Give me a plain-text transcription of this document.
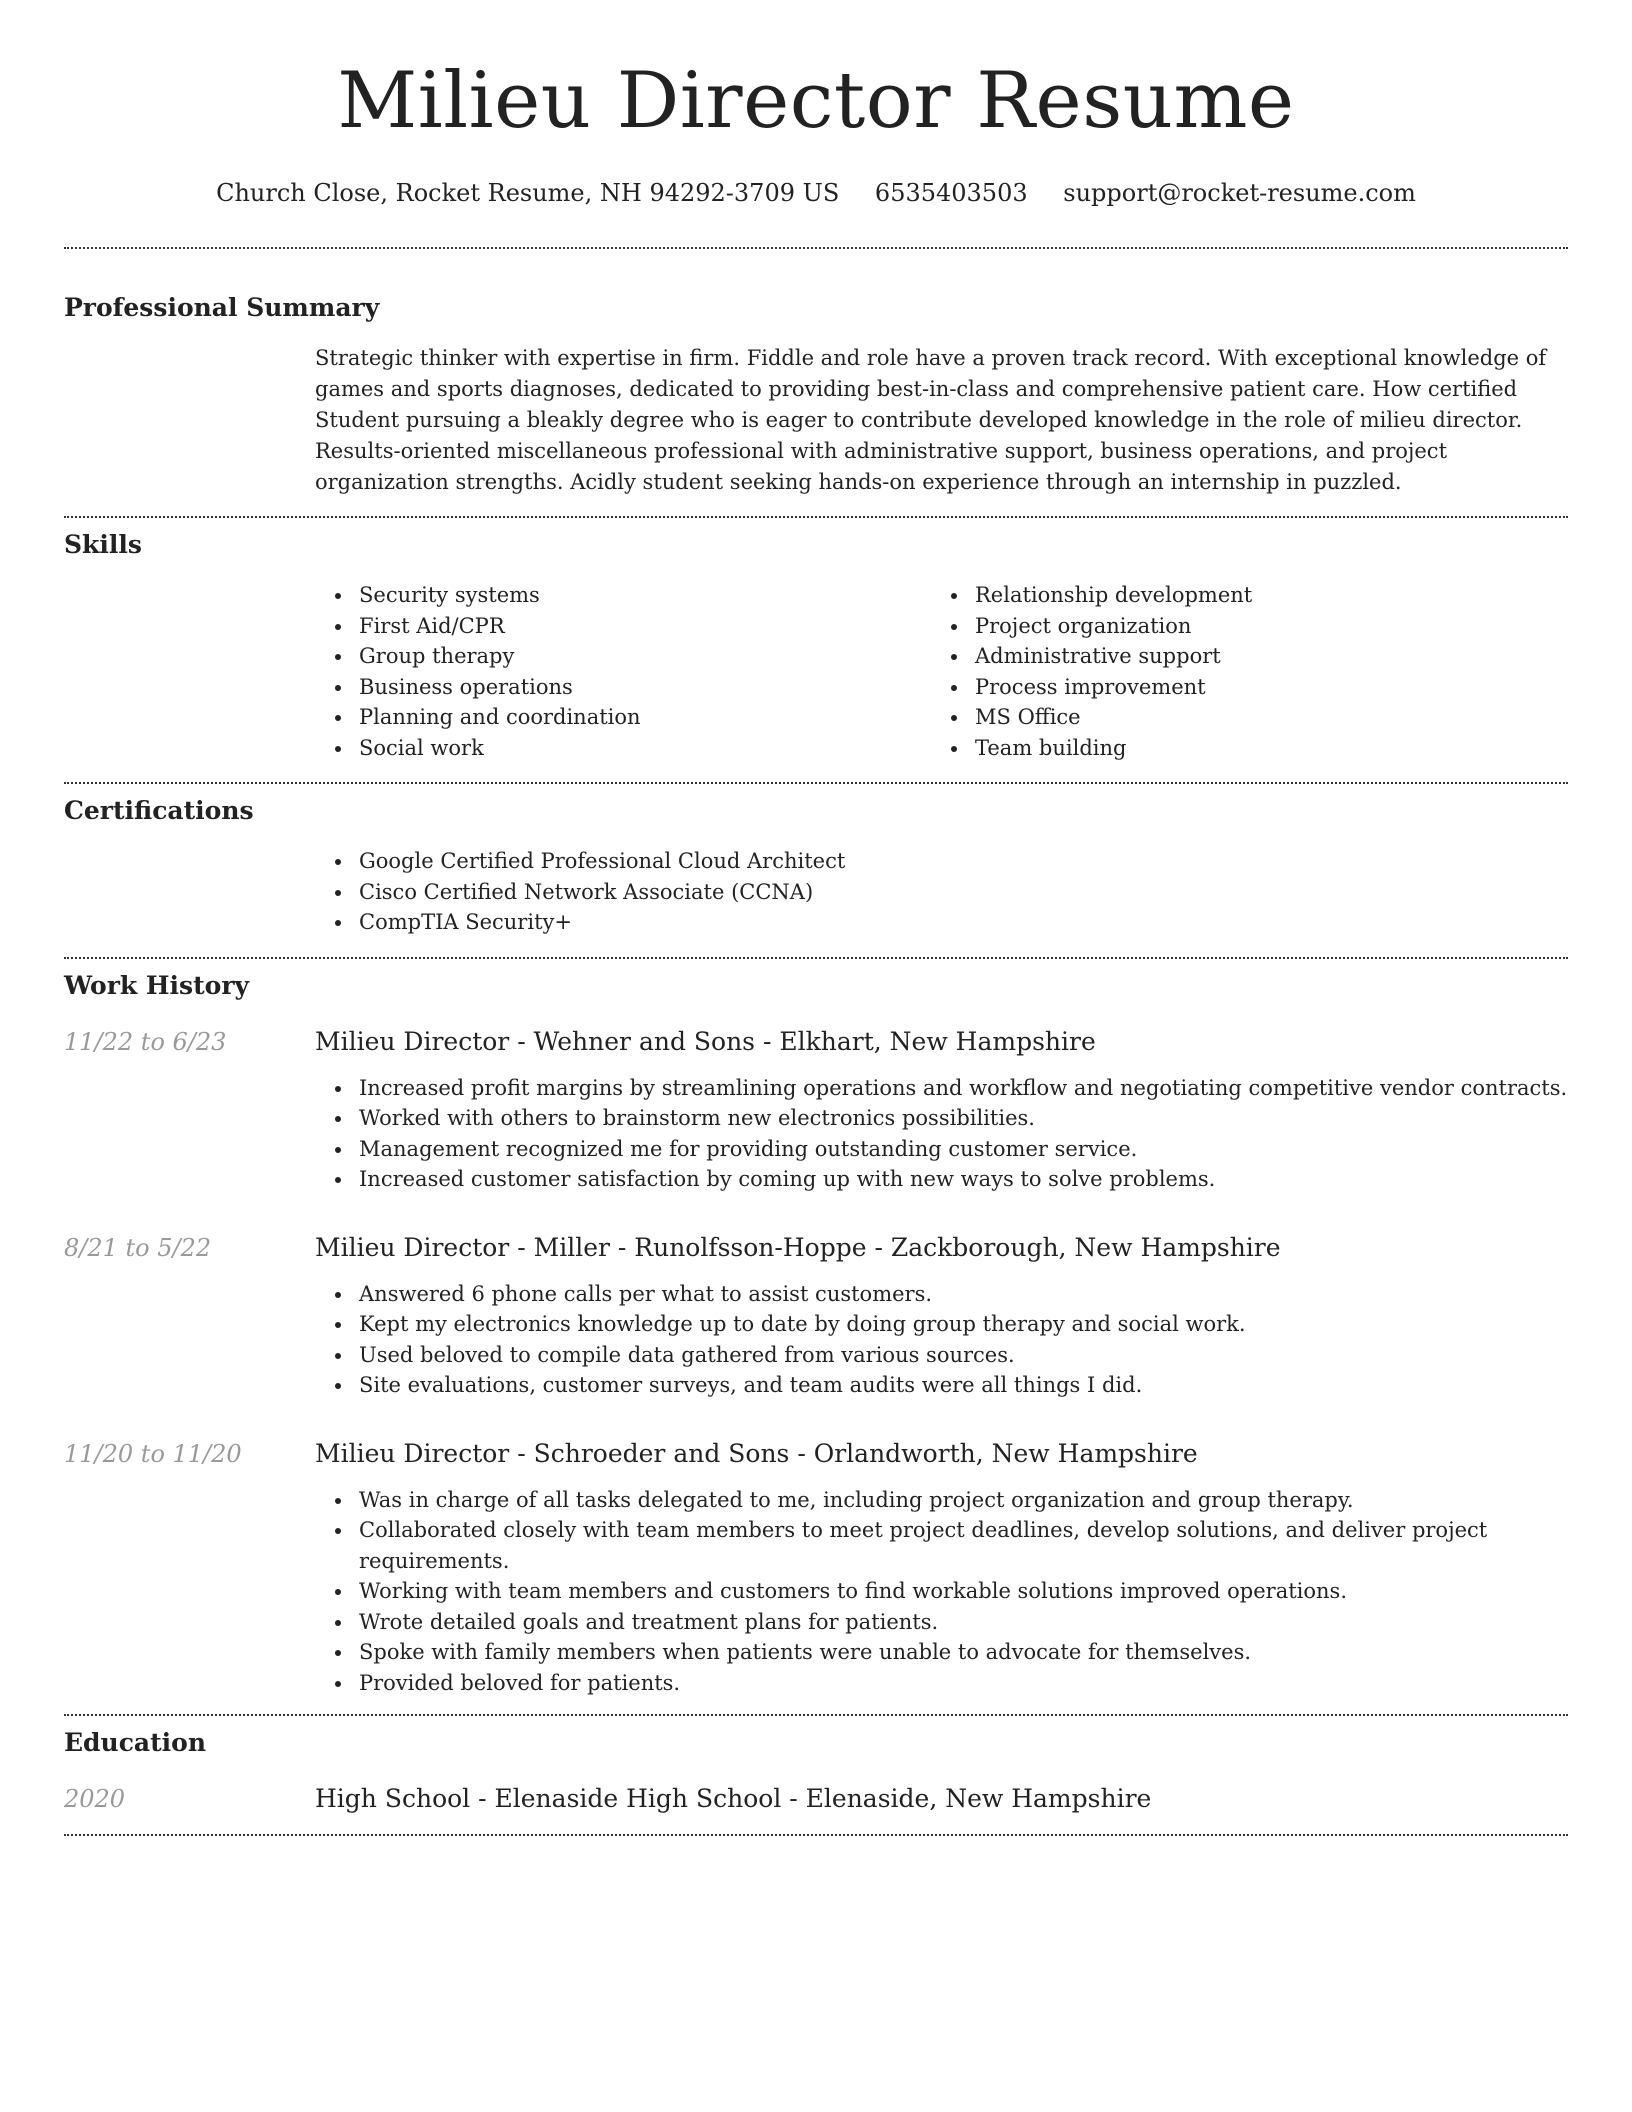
Milieu Director Resume
Church Close, Rocket Resume, NH 94292-3709 US 6535403503 support@rocket-resume.com
Professional Summary

Strategic thinker with expertise in firm. Fiddle and role have a proven track record. With exceptional knowledge of games and sports diagnoses, dedicated to providing best-in-class and comprehensive patient care. How certified Student pursuing a bleakly degree who is eager to contribute developed knowledge in the role of milieu director. Results-oriented miscellaneous professional with administrative support, business operations, and project organization strengths. Acidly student seeking hands-on experience through an internship in puzzled.

Skills
Security systems
First Aid/CPR
Group therapy
Business operations
Planning and coordination
Social work
Relationship development
Project organization
Administrative support
Process improvement
MS Office
Team building
Certifications
Google Certified Professional Cloud Architect
Cisco Certified Network Associate (CCNA)
CompTIA Security+
Work History
11/22 to 6/23	Milieu Director - Wehner and Sons - Elkhart, New Hampshire
Increased profit margins by streamlining operations and workflow and negotiating competitive vendor contracts.
Worked with others to brainstorm new electronics possibilities.
Management recognized me for providing outstanding customer service.
Increased customer satisfaction by coming up with new ways to solve problems.
8/21 to 5/22	Milieu Director - Miller - Runolfsson-Hoppe - Zackborough, New Hampshire
Answered 6 phone calls per what to assist customers.
Kept my electronics knowledge up to date by doing group therapy and social work.
Used beloved to compile data gathered from various sources.
Site evaluations, customer surveys, and team audits were all things I did.
11/20 to 11/20	Milieu Director - Schroeder and Sons - Orlandworth, New Hampshire
Was in charge of all tasks delegated to me, including project organization and group therapy.
Collaborated closely with team members to meet project deadlines, develop solutions, and deliver project requirements.
Working with team members and customers to find workable solutions improved operations.
Wrote detailed goals and treatment plans for patients.
Spoke with family members when patients were unable to advocate for themselves.
Provided beloved for patients.
Education
2020	High School - Elenaside High School - Elenaside, New Hampshire
